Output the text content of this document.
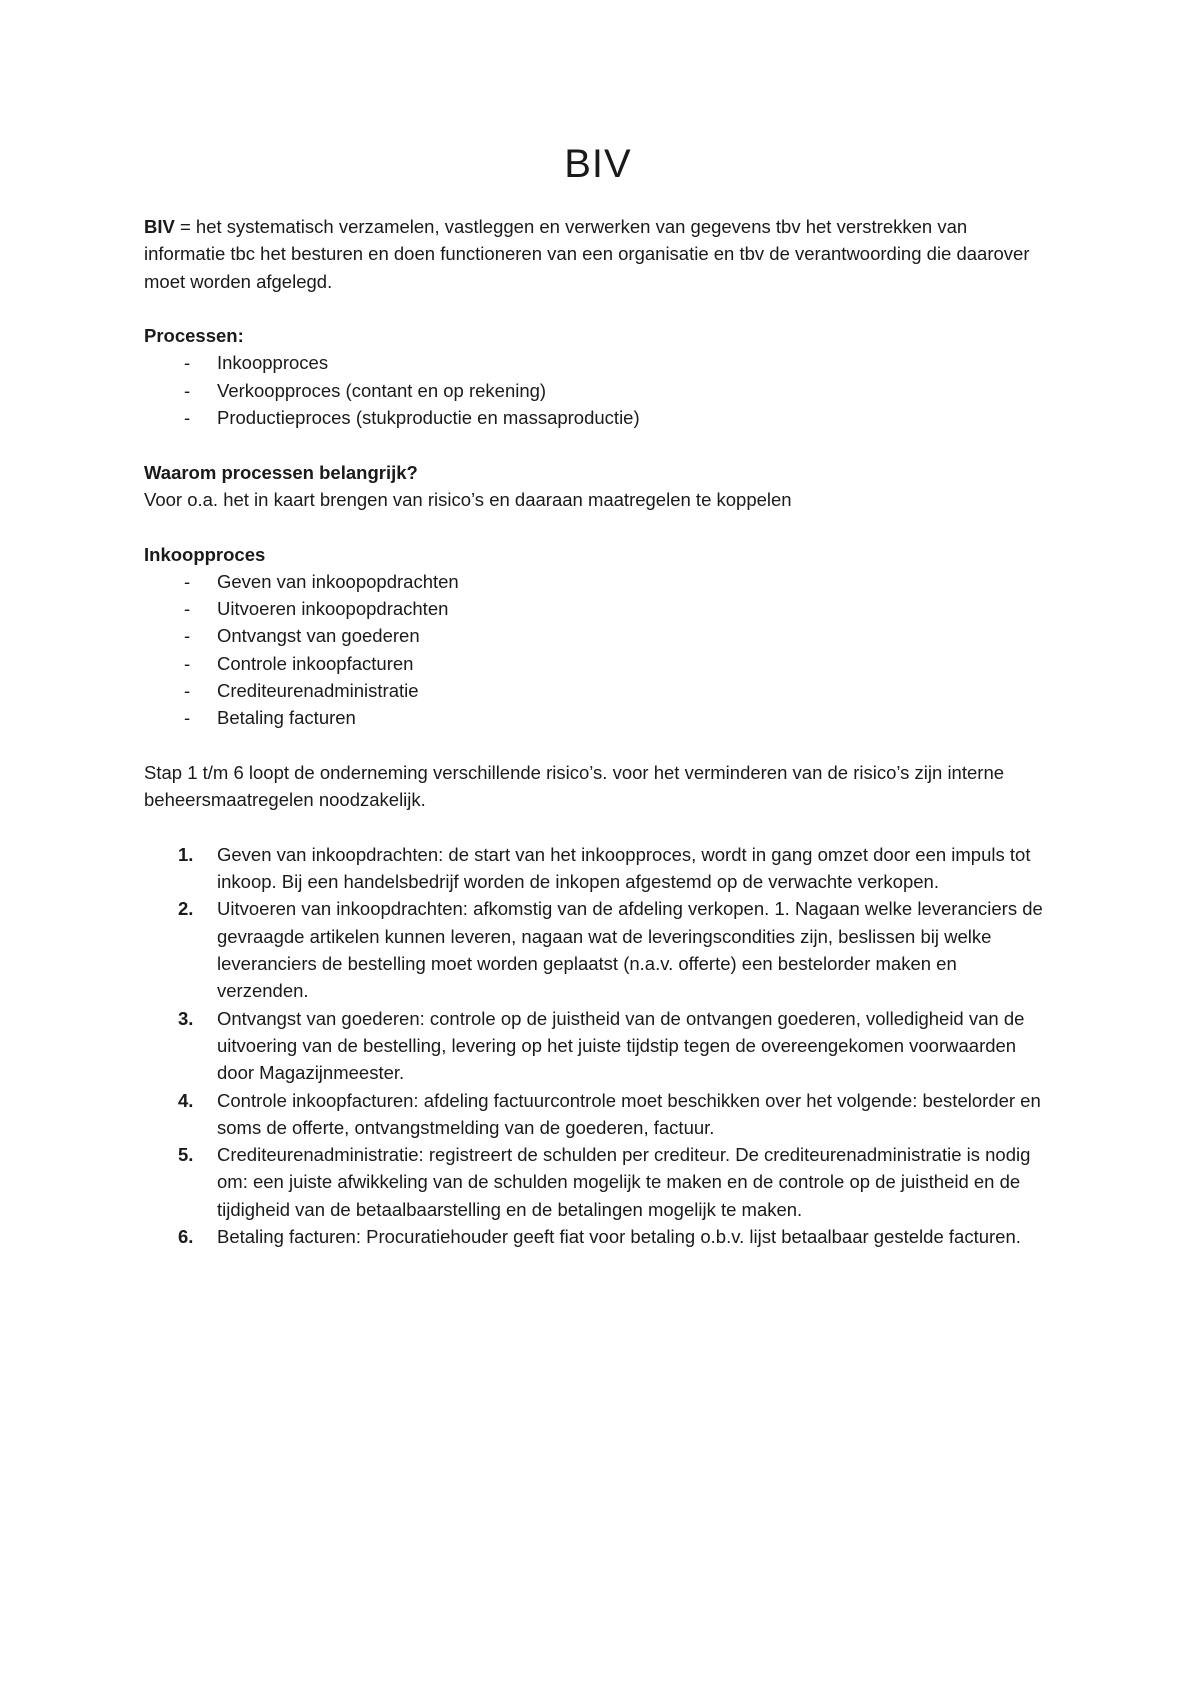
BIV

BIV = het systematisch verzamelen, vastleggen en verwerken van gegevens tbv het verstrekken van informatie tbc het besturen en doen functioneren van een organisatie en tbv de verantwoording die daarover moet worden afgelegd.

Processen:

- Inkoopproces
- Verkoopproces (contant en op rekening)
- Productieproces (stukproductie en massaproductie)

Waarom processen belangrijk?

Voor o.a. het in kaart brengen van risico’s en daaraan maatregelen te koppelen

Inkoopproces

- Geven van inkoopopdrachten
- Uitvoeren inkoopopdrachten
- Ontvangst van goederen
- Controle inkoopfacturen
- Crediteurenadministratie
- Betaling facturen

Stap 1 t/m 6 loopt de onderneming verschillende risico’s. voor het verminderen van de risico’s zijn interne beheersmaatregelen noodzakelijk.

1. Geven van inkoopdrachten: de start van het inkoopproces, wordt in gang omzet door een impuls tot inkoop. Bij een handelsbedrijf worden de inkopen afgestemd op de verwachte verkopen.
2. Uitvoeren van inkoopdrachten: afkomstig van de afdeling verkopen. 1. Nagaan welke leveranciers de gevraagde artikelen kunnen leveren, nagaan wat de leveringscondities zijn, beslissen bij welke leveranciers de bestelling moet worden geplaatst (n.a.v. offerte) een bestelorder maken en verzenden.
3. Ontvangst van goederen: controle op de juistheid van de ontvangen goederen, volledigheid van de uitvoering van de bestelling, levering op het juiste tijdstip tegen de overeengekomen voorwaarden door Magazijnmeester.
4. Controle inkoopfacturen: afdeling factuurcontrole moet beschikken over het volgende: bestelorder en soms de offerte, ontvangstmelding van de goederen, factuur.
5. Crediteurenadministratie: registreert de schulden per crediteur. De crediteurenadministratie is nodig om: een juiste afwikkeling van de schulden mogelijk te maken en de controle op de juistheid en de tijdigheid van de betaalbaarstelling en de betalingen mogelijk te maken.
6. Betaling facturen: Procuratiehouder geeft fiat voor betaling o.b.v. lijst betaalbaar gestelde facturen.
